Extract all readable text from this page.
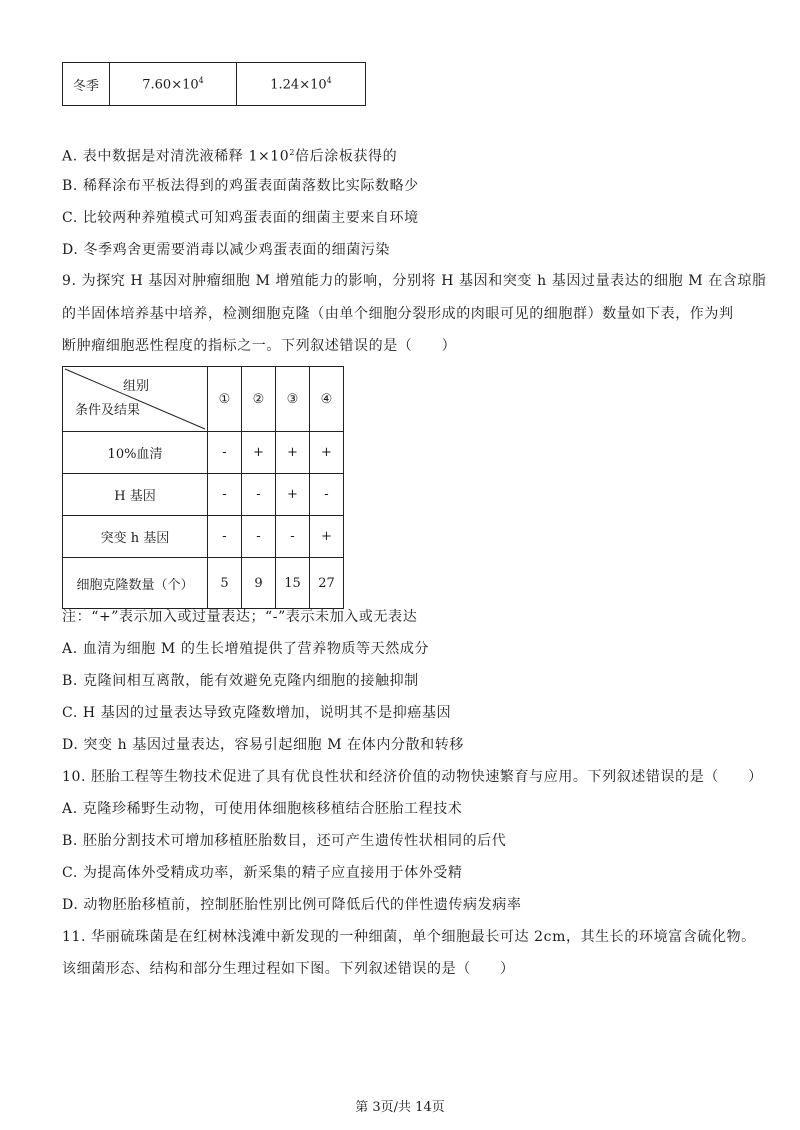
冬季	$7.60\times 10^4$	$1.24\times 10^4$
A. 表中数据是对清洗液稀释 $1\times 10^2$倍后涂板获得的
B. 稀释涂布平板法得到的鸡蛋表面菌落数比实际数略少
C. 比较两种养殖模式可知鸡蛋表面的细菌主要来自环境
D. 冬季鸡舍更需要消毒以减少鸡蛋表面的细菌污染
9. 为探究 H 基因对肿瘤细胞 M 增殖能力的影响，分别将 H 基因和突变 h 基因过量表达的细胞 M 在含琼脂
的半固体培养基中培养，检测细胞克隆（由单个细胞分裂形成的肉眼可见的细胞群）数量如下表，作为判
断肿瘤细胞恶性程度的指标之一。下列叙述错误的是（　　）
组别
条件及结果	①	②	③	④
10%血清	-	+	+	+
H 基因	-	-	+	-
突变 h 基因	-	-	-	+
细胞克隆数量（个）	5	9	15	27
注：“+”表示加入或过量表达；“-”表示未加入或无表达
A. 血清为细胞 M 的生长增殖提供了营养物质等天然成分
B. 克隆间相互离散，能有效避免克隆内细胞的接触抑制
C. H 基因的过量表达导致克隆数增加，说明其不是抑癌基因
D. 突变 h 基因过量表达，容易引起细胞 M 在体内分散和转移
10. 胚胎工程等生物技术促进了具有优良性状和经济价值的动物快速繁育与应用。下列叙述错误的是（　　）
A. 克隆珍稀野生动物，可使用体细胞核移植结合胚胎工程技术
B. 胚胎分割技术可增加移植胚胎数目，还可产生遗传性状相同的后代
C. 为提高体外受精成功率，新采集的精子应直接用于体外受精
D. 动物胚胎移植前，控制胚胎性别比例可降低后代的伴性遗传病发病率
11. 华丽硫珠菌是在红树林浅滩中新发现的一种细菌，单个细胞最长可达 2cm，其生长的环境富含硫化物。
该细菌形态、结构和部分生理过程如下图。下列叙述错误的是（　　）
第 3页/共 14页
